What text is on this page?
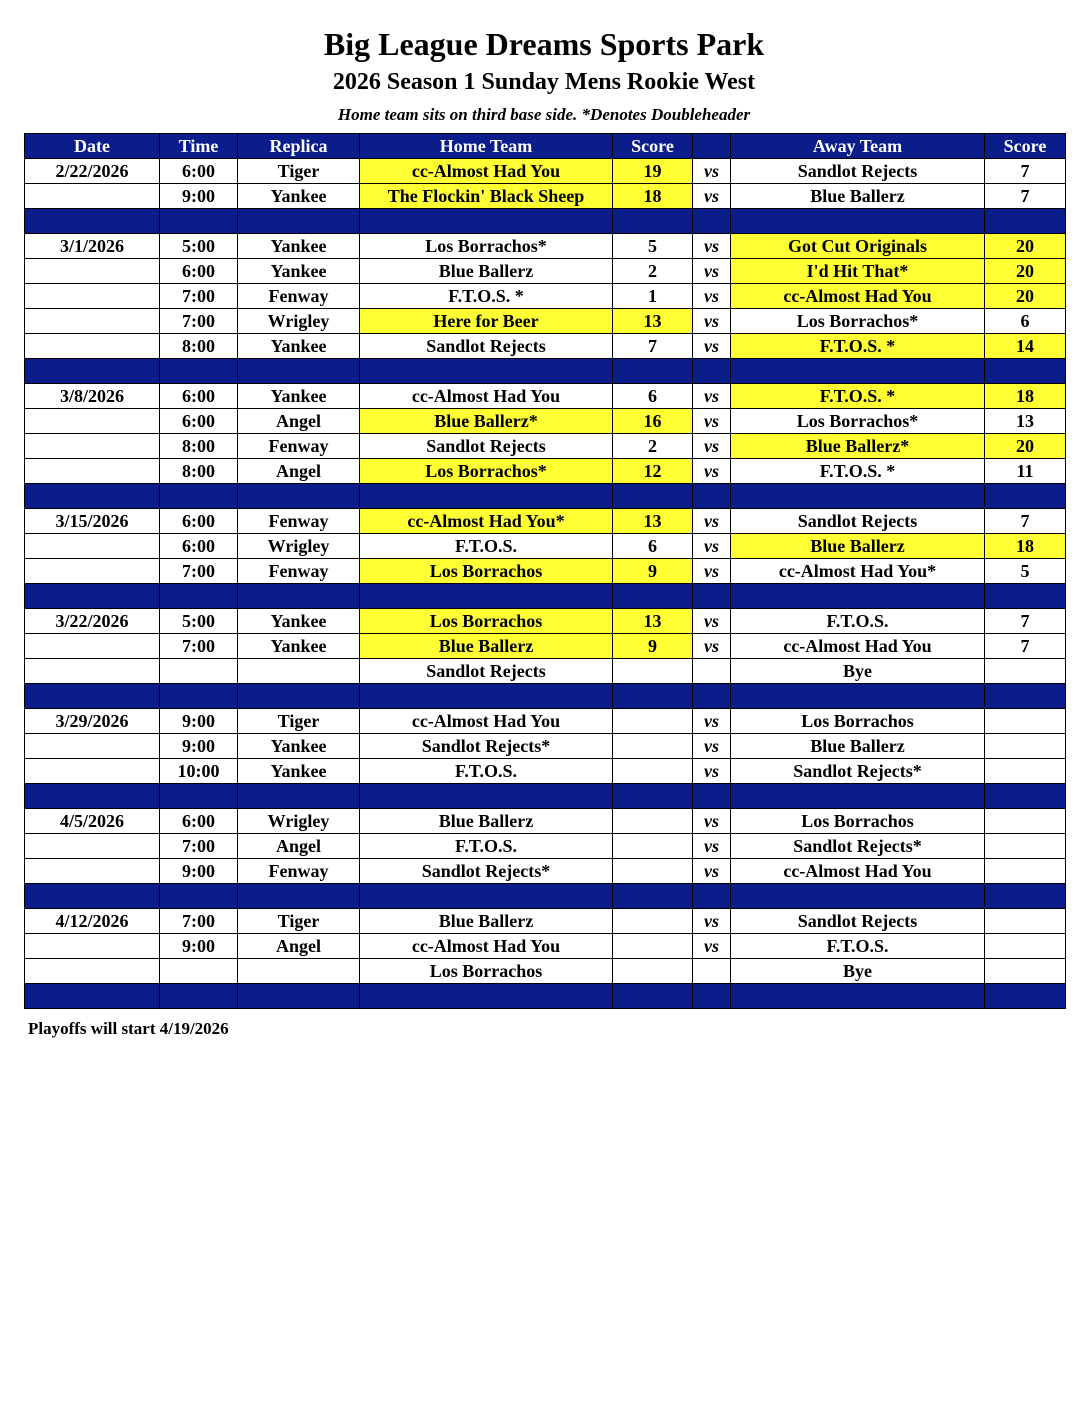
Big League Dreams Sports Park
2026 Season 1 Sunday Mens Rookie West
Home team sits on third base side. *Denotes Doubleheader
Date	Time	Replica	Home Team	Score		Away Team	Score
2/22/2026	6:00	Tiger	cc-Almost Had You	19	vs	Sandlot Rejects	7
	9:00	Yankee	The Flockin' Black Sheep	18	vs	Blue Ballerz	7

3/1/2026	5:00	Yankee	Los Borrachos*	5	vs	Got Cut Originals	20
	6:00	Yankee	Blue Ballerz	2	vs	I'd Hit That*	20
	7:00	Fenway	F.T.O.S. *	1	vs	cc-Almost Had You	20
	7:00	Wrigley	Here for Beer	13	vs	Los Borrachos*	6
	8:00	Yankee	Sandlot Rejects	7	vs	F.T.O.S. *	14

3/8/2026	6:00	Yankee	cc-Almost Had You	6	vs	F.T.O.S. *	18
	6:00	Angel	Blue Ballerz*	16	vs	Los Borrachos*	13
	8:00	Fenway	Sandlot Rejects	2	vs	Blue Ballerz*	20
	8:00	Angel	Los Borrachos*	12	vs	F.T.O.S. *	11

3/15/2026	6:00	Fenway	cc-Almost Had You*	13	vs	Sandlot Rejects	7
	6:00	Wrigley	F.T.O.S.	6	vs	Blue Ballerz	18
	7:00	Fenway	Los Borrachos	9	vs	cc-Almost Had You*	5

3/22/2026	5:00	Yankee	Los Borrachos	13	vs	F.T.O.S.	7
	7:00	Yankee	Blue Ballerz	9	vs	cc-Almost Had You	7
			Sandlot Rejects			Bye	

3/29/2026	9:00	Tiger	cc-Almost Had You		vs	Los Borrachos	
	9:00	Yankee	Sandlot Rejects*		vs	Blue Ballerz	
	10:00	Yankee	F.T.O.S.		vs	Sandlot Rejects*	

4/5/2026	6:00	Wrigley	Blue Ballerz		vs	Los Borrachos	
	7:00	Angel	F.T.O.S.		vs	Sandlot Rejects*	
	9:00	Fenway	Sandlot Rejects*		vs	cc-Almost Had You	

4/12/2026	7:00	Tiger	Blue Ballerz		vs	Sandlot Rejects	
	9:00	Angel	cc-Almost Had You		vs	F.T.O.S.	
			Los Borrachos			Bye	

Playoffs will start 4/19/2026
